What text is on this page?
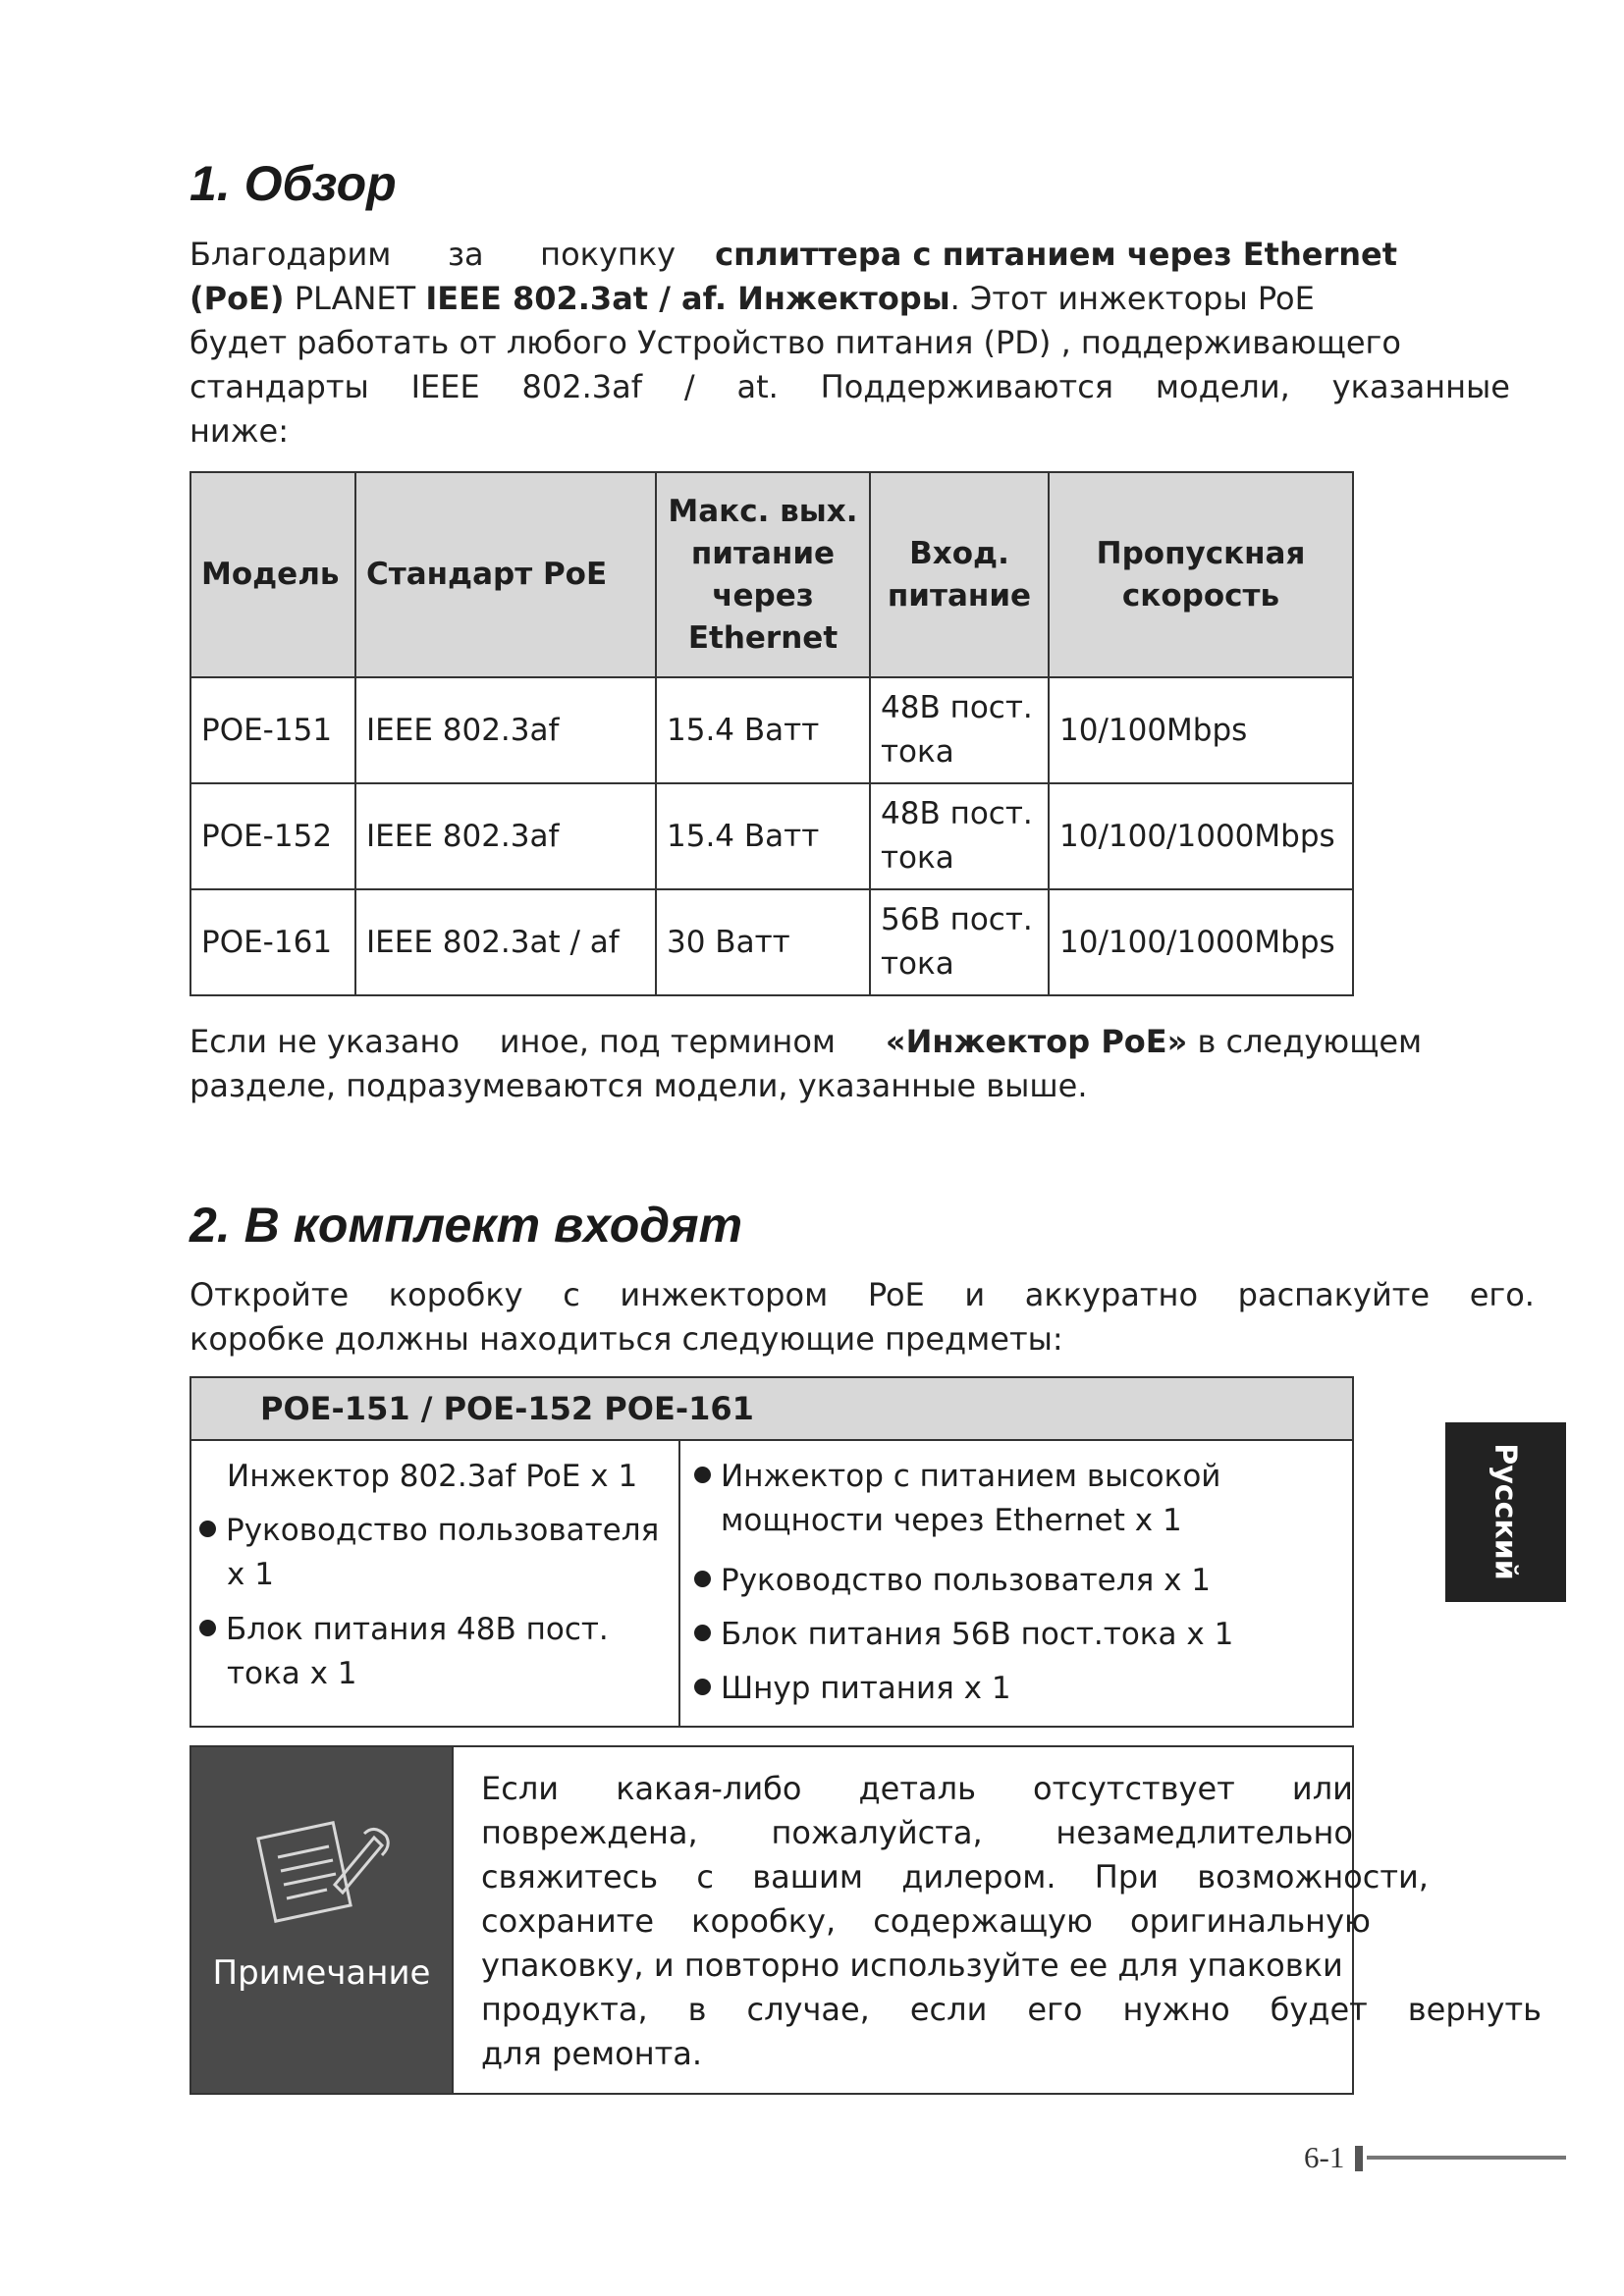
1. Обзор
Благодарим за покупку сплиттера с питанием через Ethernet
(PoE) PLANET IEEE 802.3at / af. Инжекторы. Этот инжекторы PoE
будет работать от любого Устройство питания (PD) , поддерживающего
стандарты IEEE 802.3af / at. Поддерживаются модели, указанные
ниже:
Модель	Стандарт PoE	Макс. вых. питание через Ethernet	Вход. питание	Пропускная скорость
POE-151	IEEE 802.3af	15.4 Ватт	48В пост. тока	10/100Mbps
POE-152	IEEE 802.3af	15.4 Ватт	48В пост. тока	10/100/1000Mbps
POE-161	IEEE 802.3at / af	30 Ватт	56В пост. тока	10/100/1000Mbps
Если не указано    иное, под термином «Инжектор PoE» в следующем
разделе, подразумеваются модели, указанные выше.
2. В комплект входят
Откройте коробку с инжектором PoE и аккуратно распакуйте его.
коробке должны находиться следующие предметы:
POE-151 / POE-152 POE-161
Инжектор 802.3af PoE x 1
Руководство пользователя
x 1
Блок питания 48В пост.
тока x 1
Инжектор с питанием высокой
мощности через Ethernet x 1
Руководство пользователя x 1
Блок питания 56В пост.тока x 1
Шнур питания x 1
Русский
Примечание
Если какая-либо деталь отсутствует или
повреждена, пожалуйста, незамедлительно
свяжитесь с вашим дилером. При возможности,
сохраните коробку, содержащую оригинальную
упаковку, и повторно используйте ее для упаковки
продукта, в случае, если его нужно будет вернуть
для ремонта.
6-1
